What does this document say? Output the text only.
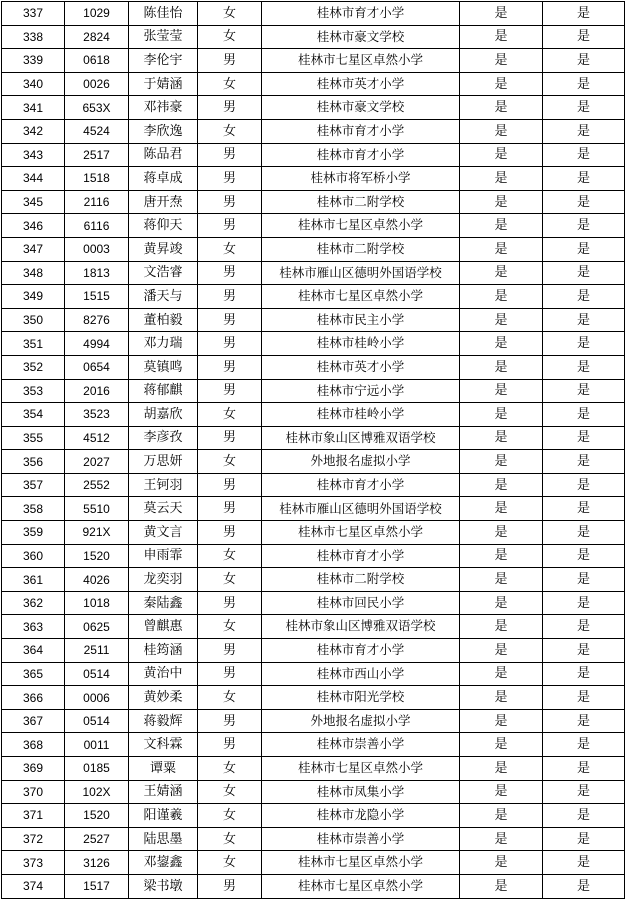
337	1029	陈佳怡	女	桂林市育才小学	是	是
338	2824	张莹莹	女	桂林市豪文学校	是	是
339	0618	李伦宇	男	桂林市七星区卓然小学	是	是
340	0026	于婧涵	女	桂林市英才小学	是	是
341	653X	邓祎豪	男	桂林市豪文学校	是	是
342	4524	李欣逸	女	桂林市育才小学	是	是
343	2517	陈品君	男	桂林市育才小学	是	是
344	1518	蒋卓成	男	桂林市将军桥小学	是	是
345	2116	唐开焘	男	桂林市二附学校	是	是
346	6116	蒋仰天	男	桂林市七星区卓然小学	是	是
347	0003	黄昇竣	女	桂林市二附学校	是	是
348	1813	文浩睿	男	桂林市雁山区德明外国语学校	是	是
349	1515	潘天与	男	桂林市七星区卓然小学	是	是
350	8276	董柏毅	男	桂林市民主小学	是	是
351	4994	邓力瑞	男	桂林市桂岭小学	是	是
352	0654	莫镇鸣	男	桂林市英才小学	是	是
353	2016	蒋郁麒	男	桂林市宁远小学	是	是
354	3523	胡嘉欣	女	桂林市桂岭小学	是	是
355	4512	李彦孜	男	桂林市象山区博雅双语学校	是	是
356	2027	万思妍	女	外地报名虚拟小学	是	是
357	2552	王钶羽	男	桂林市育才小学	是	是
358	5510	莫云天	男	桂林市雁山区德明外国语学校	是	是
359	921X	黄文言	男	桂林市七星区卓然小学	是	是
360	1520	申雨霏	女	桂林市育才小学	是	是
361	4026	龙奕羽	女	桂林市二附学校	是	是
362	1018	秦陆鑫	男	桂林市回民小学	是	是
363	0625	曾麒惠	女	桂林市象山区博雅双语学校	是	是
364	2511	桂筠涵	男	桂林市育才小学	是	是
365	0514	黄治中	男	桂林市西山小学	是	是
366	0006	黄妙柔	女	桂林市阳光学校	是	是
367	0514	蒋毅辉	男	外地报名虚拟小学	是	是
368	0011	文科霖	男	桂林市崇善小学	是	是
369	0185	谭粟	女	桂林市七星区卓然小学	是	是
370	102X	王婧涵	女	桂林市凤集小学	是	是
371	1520	阳谨羲	女	桂林市龙隐小学	是	是
372	2527	陆思墨	女	桂林市崇善小学	是	是
373	3126	邓鋆鑫	女	桂林市七星区卓然小学	是	是
374	1517	梁书墩	男	桂林市七星区卓然小学	是	是
